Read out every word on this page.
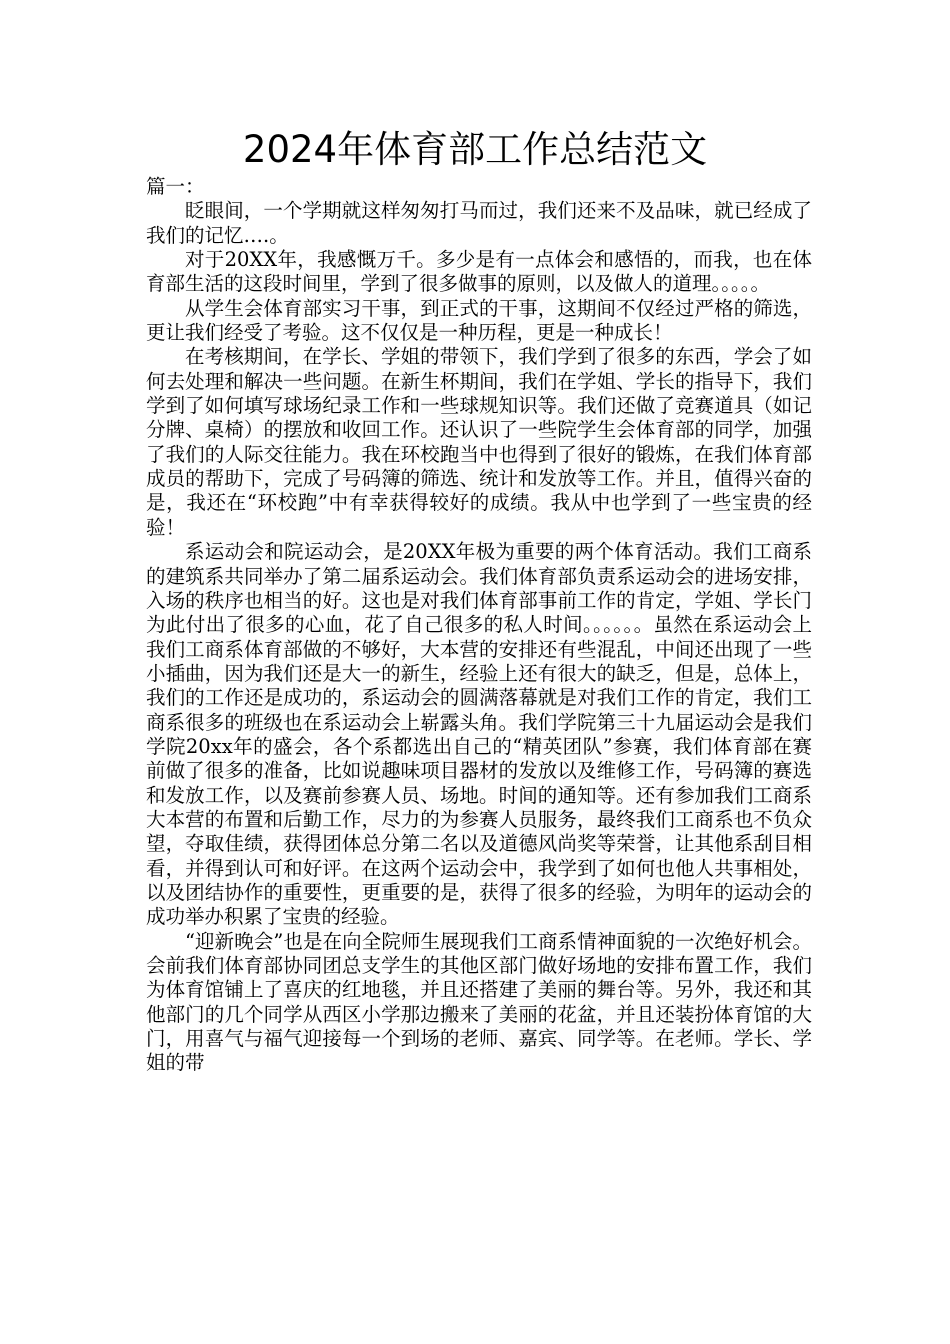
2024年体育部工作总结范文

篇一：

眨眼间，一个学期就这样匆匆打马而过，我们还来不及品味，就已经成了我们的记忆….。

对于20XX年，我感慨万千。多少是有一点体会和感悟的，而我，也在体育部生活的这段时间里，学到了很多做事的原则，以及做人的道理。。。。。

从学生会体育部实习干事，到正式的干事，这期间不仅经过严格的筛选，更让我们经受了考验。这不仅仅是一种历程，更是一种成长！

在考核期间，在学长、学姐的带领下，我们学到了很多的东西，学会了如何去处理和解决一些问题。在新生杯期间，我们在学姐、学长的指导下，我们学到了如何填写球场纪录工作和一些球规知识等。我们还做了竞赛道具（如记分牌、桌椅）的摆放和收回工作。还认识了一些院学生会体育部的同学，加强了我们的人际交往能力。我在环校跑当中也得到了很好的锻炼，在我们体育部成员的帮助下，完成了号码簿的筛选、统计和发放等工作。并且，值得兴奋的是，我还在“环校跑”中有幸获得较好的成绩。我从中也学到了一些宝贵的经验！

系运动会和院运动会，是20XX年极为重要的两个体育活动。我们工商系的建筑系共同举办了第二届系运动会。我们体育部负责系运动会的进场安排，入场的秩序也相当的好。这也是对我们体育部事前工作的肯定，学姐、学长门为此付出了很多的心血，花了自己很多的私人时间。。。。。。虽然在系运动会上我们工商系体育部做的不够好，大本营的安排还有些混乱，中间还出现了一些小插曲，因为我们还是大一的新生，经验上还有很大的缺乏，但是，总体上，我们的工作还是成功的，系运动会的圆满落幕就是对我们工作的肯定，我们工商系很多的班级也在系运动会上崭露头角。我们学院第三十九届运动会是我们学院20xx年的盛会，各个系都选出自己的“精英团队”参赛，我们体育部在赛前做了很多的准备，比如说趣味项目器材的发放以及维修工作，号码簿的赛选和发放工作，以及赛前参赛人员、场地。时间的通知等。还有参加我们工商系大本营的布置和后勤工作，尽力的为参赛人员服务，最终我们工商系也不负众望，夺取佳绩，获得团体总分第二名以及道德风尚奖等荣誉，让其他系刮目相看，并得到认可和好评。在这两个运动会中，我学到了如何也他人共事相处，以及团结协作的重要性，更重要的是，获得了很多的经验，为明年的运动会的成功举办积累了宝贵的经验。

“迎新晚会”也是在向全院师生展现我们工商系情神面貌的一次绝好机会。会前我们体育部协同团总支学生的其他区部门做好场地的安排布置工作，我们为体育馆铺上了喜庆的红地毯，并且还搭建了美丽的舞台等。另外，我还和其他部门的几个同学从西区小学那边搬来了美丽的花盆，并且还装扮体育馆的大门，用喜气与福气迎接每一个到场的老师、嘉宾、同学等。在老师。学长、学姐的带
